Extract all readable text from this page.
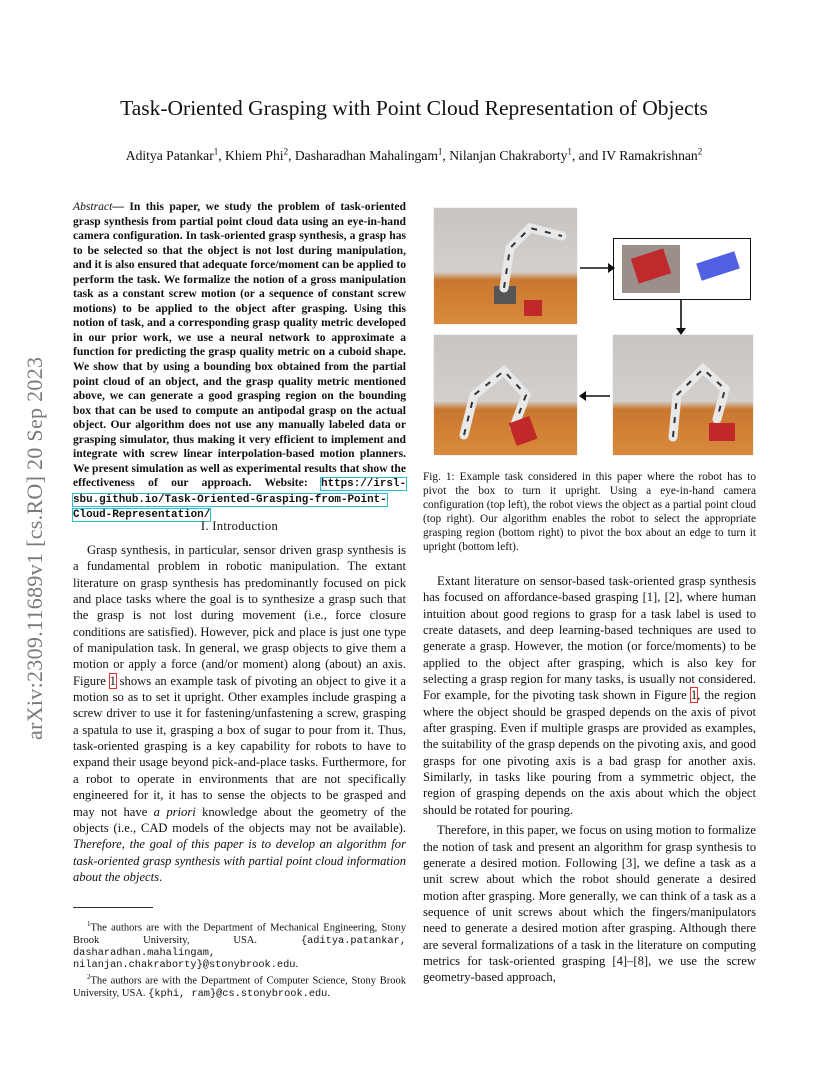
Task-Oriented Grasping with Point Cloud Representation of Objects
Aditya Patankar$^1$, Khiem Phi$^2$, Dasharadhan Mahalingam$^1$, Nilanjan Chakraborty$^1$, and IV Ramakrishnan$^2$
arXiv:2309.11689v1 [cs.RO] 20 Sep 2023
Abstract— In this paper, we study the problem of task-oriented grasp synthesis from partial point cloud data using an eye-in-hand camera configuration. In task-oriented grasp synthesis, a grasp has to be selected so that the object is not lost during manipulation, and it is also ensured that adequate force/moment can be applied to perform the task. We formalize the notion of a gross manipulation task as a constant screw motion (or a sequence of constant screw motions) to be applied to the object after grasping. Using this notion of task, and a corresponding grasp quality metric developed in our prior work, we use a neural network to approximate a function for predicting the grasp quality metric on a cuboid shape. We show that by using a bounding box obtained from the partial point cloud of an object, and the grasp quality metric mentioned above, we can generate a good grasping region on the bounding box that can be used to compute an antipodal grasp on the actual object. Our algorithm does not use any manually labeled data or grasping simulator, thus making it very efficient to implement and integrate with screw linear interpolation-based motion planners. We present simulation as well as experimental results that show the effectiveness of our approach. Website: https://irsl-sbu.github.io/Task-Oriented-Grasping-from-Point-Cloud-Representation/
I. Introduction

Grasp synthesis, in particular, sensor driven grasp synthesis is a fundamental problem in robotic manipulation. The extant literature on grasp synthesis has predominantly focused on pick and place tasks where the goal is to synthesize a grasp such that the grasp is not lost during movement (i.e., force closure conditions are satisfied). However, pick and place is just one type of manipulation task. In general, we grasp objects to give them a motion or apply a force (and/or moment) along (about) an axis. Figure 1 shows an example task of pivoting an object to give it a motion so as to set it upright. Other examples include grasping a screw driver to use it for fastening/unfastening a screw, grasping a spatula to use it, grasping a box of sugar to pour from it. Thus, task-oriented grasping is a key capability for robots to have to expand their usage beyond pick-and-place tasks. Furthermore, for a robot to operate in environments that are not specifically engineered for it, it has to sense the objects to be grasped and may not have a priori knowledge about the geometry of the objects (i.e., CAD models of the objects may not be available). Therefore, the goal of this paper is to develop an algorithm for task-oriented grasp synthesis with partial point cloud information about the objects.

$^1$The authors are with the Department of Mechanical Engineering, Stony Brook University, USA. {aditya.patankar, dasharadhan.mahalingam, nilanjan.chakraborty}@stonybrook.edu.
$^2$The authors are with the Department of Computer Science, Stony Brook University, USA. {kphi, ram}@cs.stonybrook.edu.
Fig. 1: Example task considered in this paper where the robot has to pivot the box to turn it upright. Using a eye-in-hand camera configuration (top left), the robot views the object as a partial point cloud (top right). Our algorithm enables the robot to select the appropriate grasping region (bottom right) to pivot the box about an edge to turn it upright (bottom left).

Extant literature on sensor-based task-oriented grasp synthesis has focused on affordance-based grasping [1], [2], where human intuition about good regions to grasp for a task label is used to create datasets, and deep learning-based techniques are used to generate a grasp. However, the motion (or force/moments) to be applied to the object after grasping, which is also key for selecting a grasp region for many tasks, is usually not considered. For example, for the pivoting task shown in Figure 1, the region where the object should be grasped depends on the axis of pivot after grasping. Even if multiple grasps are provided as examples, the suitability of the grasp depends on the pivoting axis, and good grasps for one pivoting axis is a bad grasp for another axis. Similarly, in tasks like pouring from a symmetric object, the region of grasping depends on the axis about which the object should be rotated for pouring.

Therefore, in this paper, we focus on using motion to formalize the notion of task and present an algorithm for grasp synthesis to generate a desired motion. Following [3], we define a task as a unit screw about which the robot should generate a desired motion after grasping. More generally, we can think of a task as a sequence of unit screws about which the fingers/manipulators need to generate a desired motion after grasping. Although there are several formalizations of a task in the literature on computing metrics for task-oriented grasping [4]–[8], we use the screw geometry-based approach,
